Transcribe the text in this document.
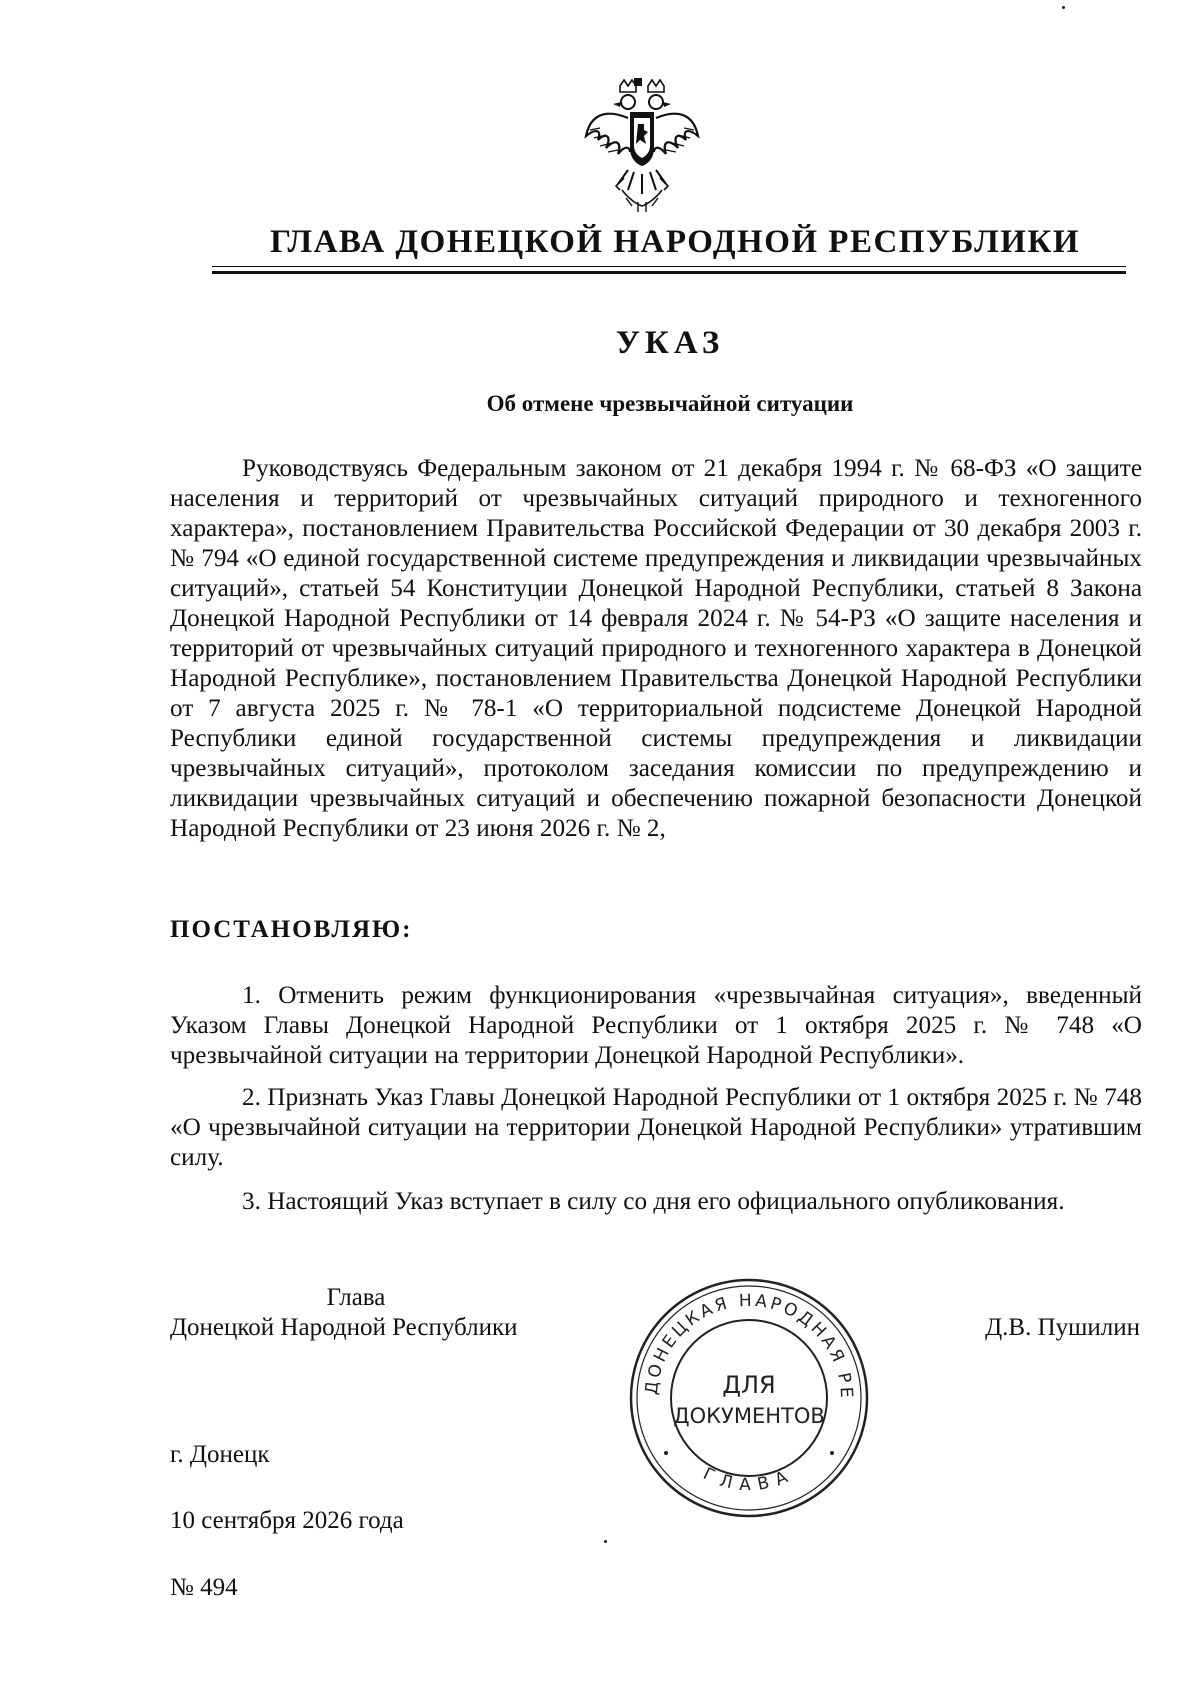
ГЛАВА ДОНЕЦКОЙ НАРОДНОЙ РЕСПУБЛИКИ
УКАЗ
Об отмене чрезвычайной ситуации

Руководствуясь Федеральным законом от 21 декабря 1994 г. № 68-ФЗ «О защите населения и территорий от чрезвычайных ситуаций природного и техногенного характера», постановлением Правительства Российской Федерации от 30 декабря 2003 г. № 794 «О единой государственной системе предупреждения и ликвидации чрезвычайных ситуаций», статьей 54 Конституции Донецкой Народной Республики, статьей 8 Закона Донецкой Народной Республики от 14 февраля 2024 г. № 54-РЗ «О защите населения и территорий от чрезвычайных ситуаций природного и техногенного характера в Донецкой Народной Республике», постановлением Правительства Донецкой Народной Республики от 7 августа 2025 г. № 78-1 «О территориальной подсистеме Донецкой Народной Республики единой государственной системы предупреждения и ликвидации чрезвычайных ситуаций», протоколом заседания комиссии по предупреждению и ликвидации чрезвычайных ситуаций и обеспечению пожарной безопасности Донецкой Народной Республики от 23 июня 2026 г. № 2,

ПОСТАНОВЛЯЮ:

1. Отменить режим функционирования «чрезвычайная ситуация», введенный Указом Главы Донецкой Народной Республики от 1 октября 2025 г. № 748 «О чрезвычайной ситуации на территории Донецкой Народной Республики».

2. Признать Указ Главы Донецкой Народной Республики от 1 октября 2025 г. № 748 «О чрезвычайной ситуации на территории Донецкой Народной Республики» утратившим силу.

3. Настоящий Указ вступает в силу со дня его официального опубликования.

Глава
Донецкой Народной Республики	Д.В. Пушилин
ДОНЕЦКАЯ НАРОДНАЯ РЕ
ГЛАВА
ДЛЯ
ДОКУМЕНТОВ
г. Донецк
10 сентября 2026 года
№ 494
